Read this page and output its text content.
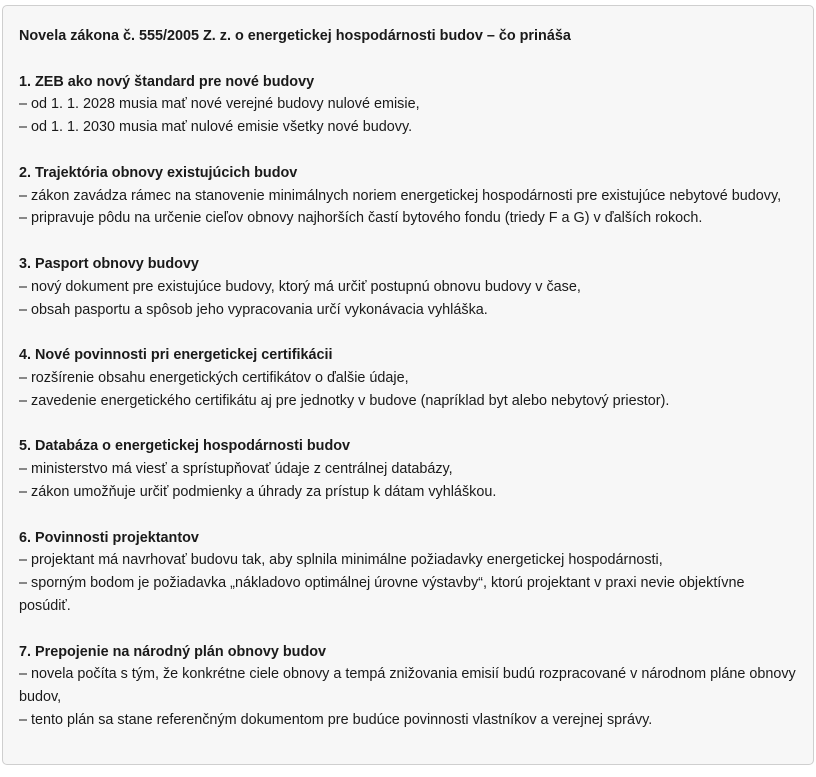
Novela zákona č. 555/2005 Z. z. o energetickej hospodárnosti budov – čo prináša
1. ZEB ako nový štandard pre nové budovy
– od 1. 1. 2028 musia mať nové verejné budovy nulové emisie,
– od 1. 1. 2030 musia mať nulové emisie všetky nové budovy.
2. Trajektória obnovy existujúcich budov
– zákon zavádza rámec na stanovenie minimálnych noriem energetickej hospodárnosti pre existujúce nebytové budovy,
– pripravuje pôdu na určenie cieľov obnovy najhorších častí bytového fondu (triedy F a G) v ďalších rokoch.
3. Pasport obnovy budovy
– nový dokument pre existujúce budovy, ktorý má určiť postupnú obnovu budovy v čase,
– obsah pasportu a spôsob jeho vypracovania určí vykonávacia vyhláška.
4. Nové povinnosti pri energetickej certifikácii
– rozšírenie obsahu energetických certifikátov o ďalšie údaje,
– zavedenie energetického certifikátu aj pre jednotky v budove (napríklad byt alebo nebytový priestor).
5. Databáza o energetickej hospodárnosti budov
– ministerstvo má viesť a sprístupňovať údaje z centrálnej databázy,
– zákon umožňuje určiť podmienky a úhrady za prístup k dátam vyhláškou.
6. Povinnosti projektantov
– projektant má navrhovať budovu tak, aby splnila minimálne požiadavky energetickej hospodárnosti,
– sporným bodom je požiadavka „nákladovo optimálnej úrovne výstavby“, ktorú projektant v praxi nevie objektívne posúdiť.
7. Prepojenie na národný plán obnovy budov
– novela počíta s tým, že konkrétne ciele obnovy a tempá znižovania emisií budú rozpracované v národnom pláne obnovy budov,
– tento plán sa stane referenčným dokumentom pre budúce povinnosti vlastníkov a verejnej správy.
